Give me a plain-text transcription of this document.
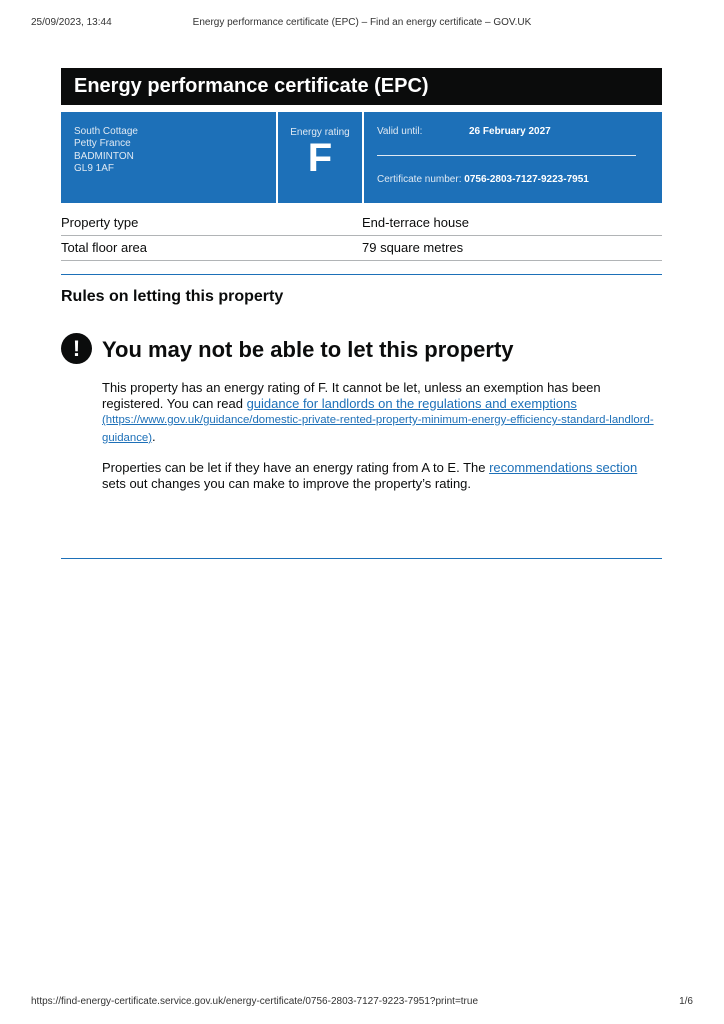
25/09/2023, 13:44	Energy performance certificate (EPC) – Find an energy certificate – GOV.UK
Energy performance certificate (EPC)
South Cottage
Petty France
BADMINTON
GL9 1AF
Energy rating
F
Valid until:	26 February 2027
Certificate number: 0756-2803-7127-9223-7951
Property type	End-terrace house
Total floor area	79 square metres
Rules on letting this property
! You may not be able to let this property

This property has an energy rating of F. It cannot be let, unless an exemption has been registered. You can read guidance for landlords on the regulations and exemptions (https://www.gov.uk/guidance/domestic-private-rented-property-minimum-energy-efficiency-standard-landlord-guidance).

Properties can be let if they have an energy rating from A to E. The recommendations section sets out changes you can make to improve the property’s rating.

https://find-energy-certificate.service.gov.uk/energy-certificate/0756-2803-7127-9223-7951?print=true	1/6
